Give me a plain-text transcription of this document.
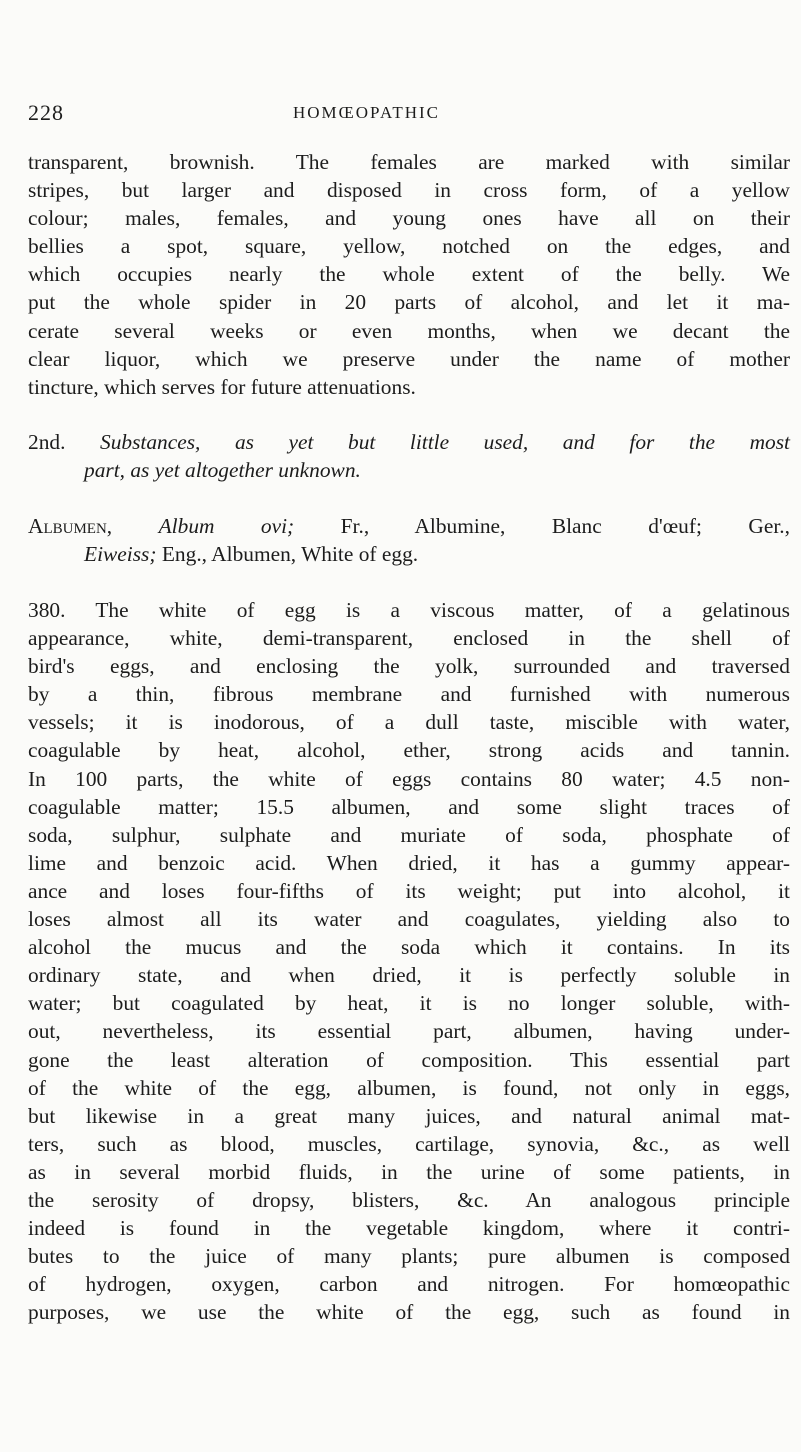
228	HOMŒOPATHIC
transparent, brownish. The females are marked with similar
stripes, but larger and disposed in cross form, of a yellow
colour; males, females, and young ones have all on their
bellies a spot, square, yellow, notched on the edges, and
which occupies nearly the whole extent of the belly. We
put the whole spider in 20 parts of alcohol, and let it ma-
cerate several weeks or even months, when we decant the
clear liquor, which we preserve under the name of mother
tincture, which serves for future attenuations.
2nd. Substances, as yet but little used, and for the most
part, as yet altogether unknown.
Albumen, Album ovi; Fr., Albumine, Blanc d'œuf; Ger.,
Eiweiss; Eng., Albumen, White of egg.
380. The white of egg is a viscous matter, of a gelatinous
appearance, white, demi-transparent, enclosed in the shell of
bird's eggs, and enclosing the yolk, surrounded and traversed
by a thin, fibrous membrane and furnished with numerous
vessels; it is inodorous, of a dull taste, miscible with water,
coagulable by heat, alcohol, ether, strong acids and tannin.
In 100 parts, the white of eggs contains 80 water; 4.5 non-
coagulable matter; 15.5 albumen, and some slight traces of
soda, sulphur, sulphate and muriate of soda, phosphate of
lime and benzoic acid. When dried, it has a gummy appear-
ance and loses four-fifths of its weight; put into alcohol, it
loses almost all its water and coagulates, yielding also to
alcohol the mucus and the soda which it contains. In its
ordinary state, and when dried, it is perfectly soluble in
water; but coagulated by heat, it is no longer soluble, with-
out, nevertheless, its essential part, albumen, having under-
gone the least alteration of composition. This essential part
of the white of the egg, albumen, is found, not only in eggs,
but likewise in a great many juices, and natural animal mat-
ters, such as blood, muscles, cartilage, synovia, &c., as well
as in several morbid fluids, in the urine of some patients, in
the serosity of dropsy, blisters, &c. An analogous principle
indeed is found in the vegetable kingdom, where it contri-
butes to the juice of many plants; pure albumen is composed
of hydrogen, oxygen, carbon and nitrogen. For homœopathic
purposes, we use the white of the egg, such as found in
